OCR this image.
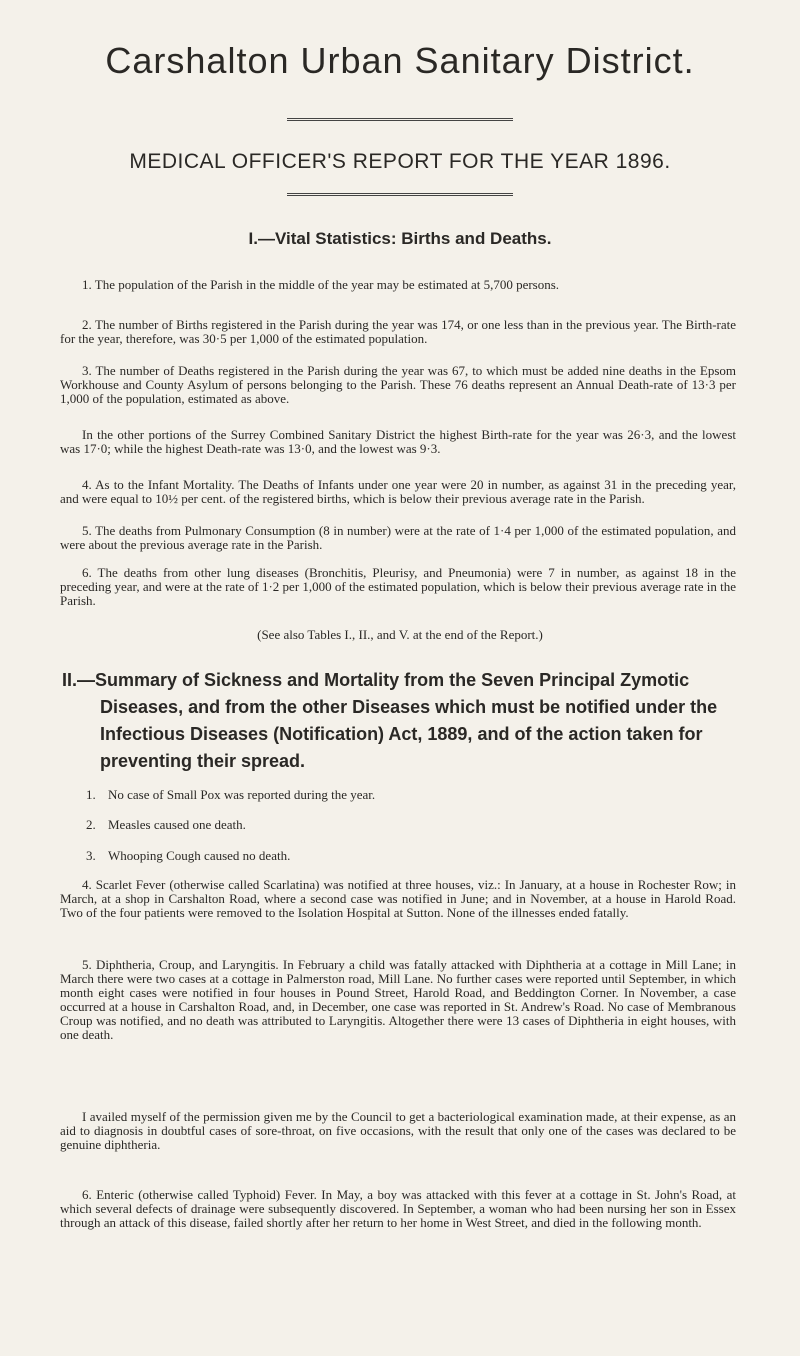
Carshalton Urban Sanitary District.
MEDICAL OFFICER'S REPORT FOR THE YEAR 1896.
I.—Vital Statistics: Births and Deaths.
1. The population of the Parish in the middle of the year may be estimated at 5,700 persons.
2. The number of Births registered in the Parish during the year was 174, or one less than in the previous year. The Birth-rate for the year, therefore, was 30·5 per 1,000 of the estimated population.
3. The number of Deaths registered in the Parish during the year was 67, to which must be added nine deaths in the Epsom Workhouse and County Asylum of persons belonging to the Parish. These 76 deaths represent an Annual Death-rate of 13·3 per 1,000 of the population, estimated as above.
In the other portions of the Surrey Combined Sanitary District the highest Birth-rate for the year was 26·3, and the lowest was 17·0; while the highest Death-rate was 13·0, and the lowest was 9·3.
4. As to the Infant Mortality. The Deaths of Infants under one year were 20 in number, as against 31 in the preceding year, and were equal to 10½ per cent. of the registered births, which is below their previous average rate in the Parish.
5. The deaths from Pulmonary Consumption (8 in number) were at the rate of 1·4 per 1,000 of the estimated population, and were about the previous average rate in the Parish.
6. The deaths from other lung diseases (Bronchitis, Pleurisy, and Pneumonia) were 7 in number, as against 18 in the preceding year, and were at the rate of 1·2 per 1,000 of the estimated population, which is below their previous average rate in the Parish.
(See also Tables I., II., and V. at the end of the Report.)
II.—Summary of Sickness and Mortality from the Seven Principal Zymotic
Diseases, and from the other Diseases which must be notified under the Infectious Diseases (Notification) Act, 1889, and of the action taken for preventing their spread.
1. No case of Small Pox was reported during the year.
2. Measles caused one death.
3. Whooping Cough caused no death.
4. Scarlet Fever (otherwise called Scarlatina) was notified at three houses, viz.: In January, at a house in Rochester Row; in March, at a shop in Carshalton Road, where a second case was notified in June; and in November, at a house in Harold Road. Two of the four patients were removed to the Isolation Hospital at Sutton. None of the illnesses ended fatally.
5. Diphtheria, Croup, and Laryngitis. In February a child was fatally attacked with Diphtheria at a cottage in Mill Lane; in March there were two cases at a cottage in Palmerston road, Mill Lane. No further cases were reported until September, in which month eight cases were notified in four houses in Pound Street, Harold Road, and Beddington Corner. In November, a case occurred at a house in Carshalton Road, and, in December, one case was reported in St. Andrew's Road. No case of Membranous Croup was notified, and no death was attributed to Laryngitis. Altogether there were 13 cases of Diphtheria in eight houses, with one death.
I availed myself of the permission given me by the Council to get a bacteriological examination made, at their expense, as an aid to diagnosis in doubtful cases of sore-throat, on five occasions, with the result that only one of the cases was declared to be genuine diphtheria.
6. Enteric (otherwise called Typhoid) Fever. In May, a boy was attacked with this fever at a cottage in St. John's Road, at which several defects of drainage were subsequently discovered. In September, a woman who had been nursing her son in Essex through an attack of this disease, failed shortly after her return to her home in West Street, and died in the following month.
